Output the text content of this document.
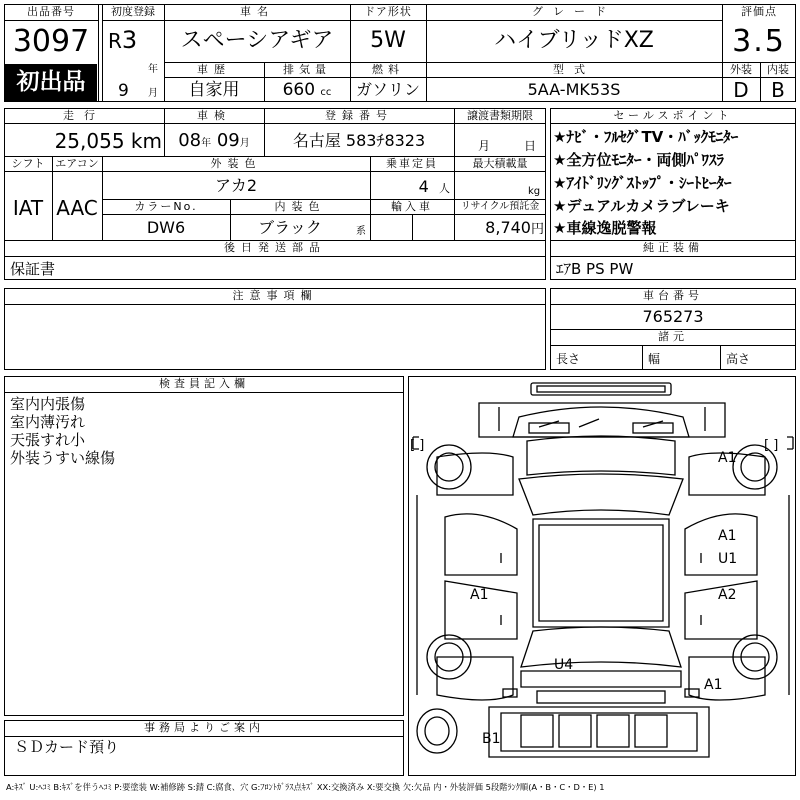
出品番号
3097
初出品
初度登録
R3
年
9 月
車名
スペーシアギア
ドア形状
5W
グレード
ハイブリッドXZ
車歴
自家用
排気量
660 cc
燃料
ガソリン
型式
5AA-MK53S
評価点
3.5
外装	内装
D	B
走行
25,055 km
車検
08年 09月
登録番号
名古屋 583ﾁ8323
譲渡書類期限
月	日
シフト エアコン
IAT AAC
外装色
アカ2
カラーNo.
DW6
内装色
ブラック	系
乗車定員
4 人
輸入車
最大積載量
kg
リサイクル預託金
8,740円
後日発送部品
保証書
セールスポイント
★ﾅﾋﾞ・ﾌﾙｾｸﾞTV・ﾊﾞｯｸﾓﾆﾀｰ
★全方位ﾓﾆﾀｰ・両側ﾊﾟﾜｽﾗ
★ｱｲﾄﾞﾘﾝｸﾞｽﾄｯﾌﾟ・ｼｰﾄﾋｰﾀｰ
★デュアルカメラブレーキ
★車線逸脱警報
純正装備
ｴｱB PS PW
注意事項欄	車台番号
765273
諸元
長さ	幅	高さ
検査員記入欄
室内内張傷
室内薄汚れ
天張すれ小
外装うすい線傷
事務局よりご案内
ＳＤカード預り
[ ]	[ ]
A1
A1
U1
A1	A2
U4
A1
B1
A:ｷｽﾞ U:ﾍｺﾐ B:ｷｽﾞを伴うﾍｺﾐ P:要塗装 W:補修跡 S:錆 C:腐食、穴 G:ﾌﾛﾝﾄｶﾞﾗｽ点ｷｽﾞ XX:交換済み X:要交換 欠:欠品 内・外装評価 5段階ﾗﾝｸ順(A・B・C・D・E) 1
